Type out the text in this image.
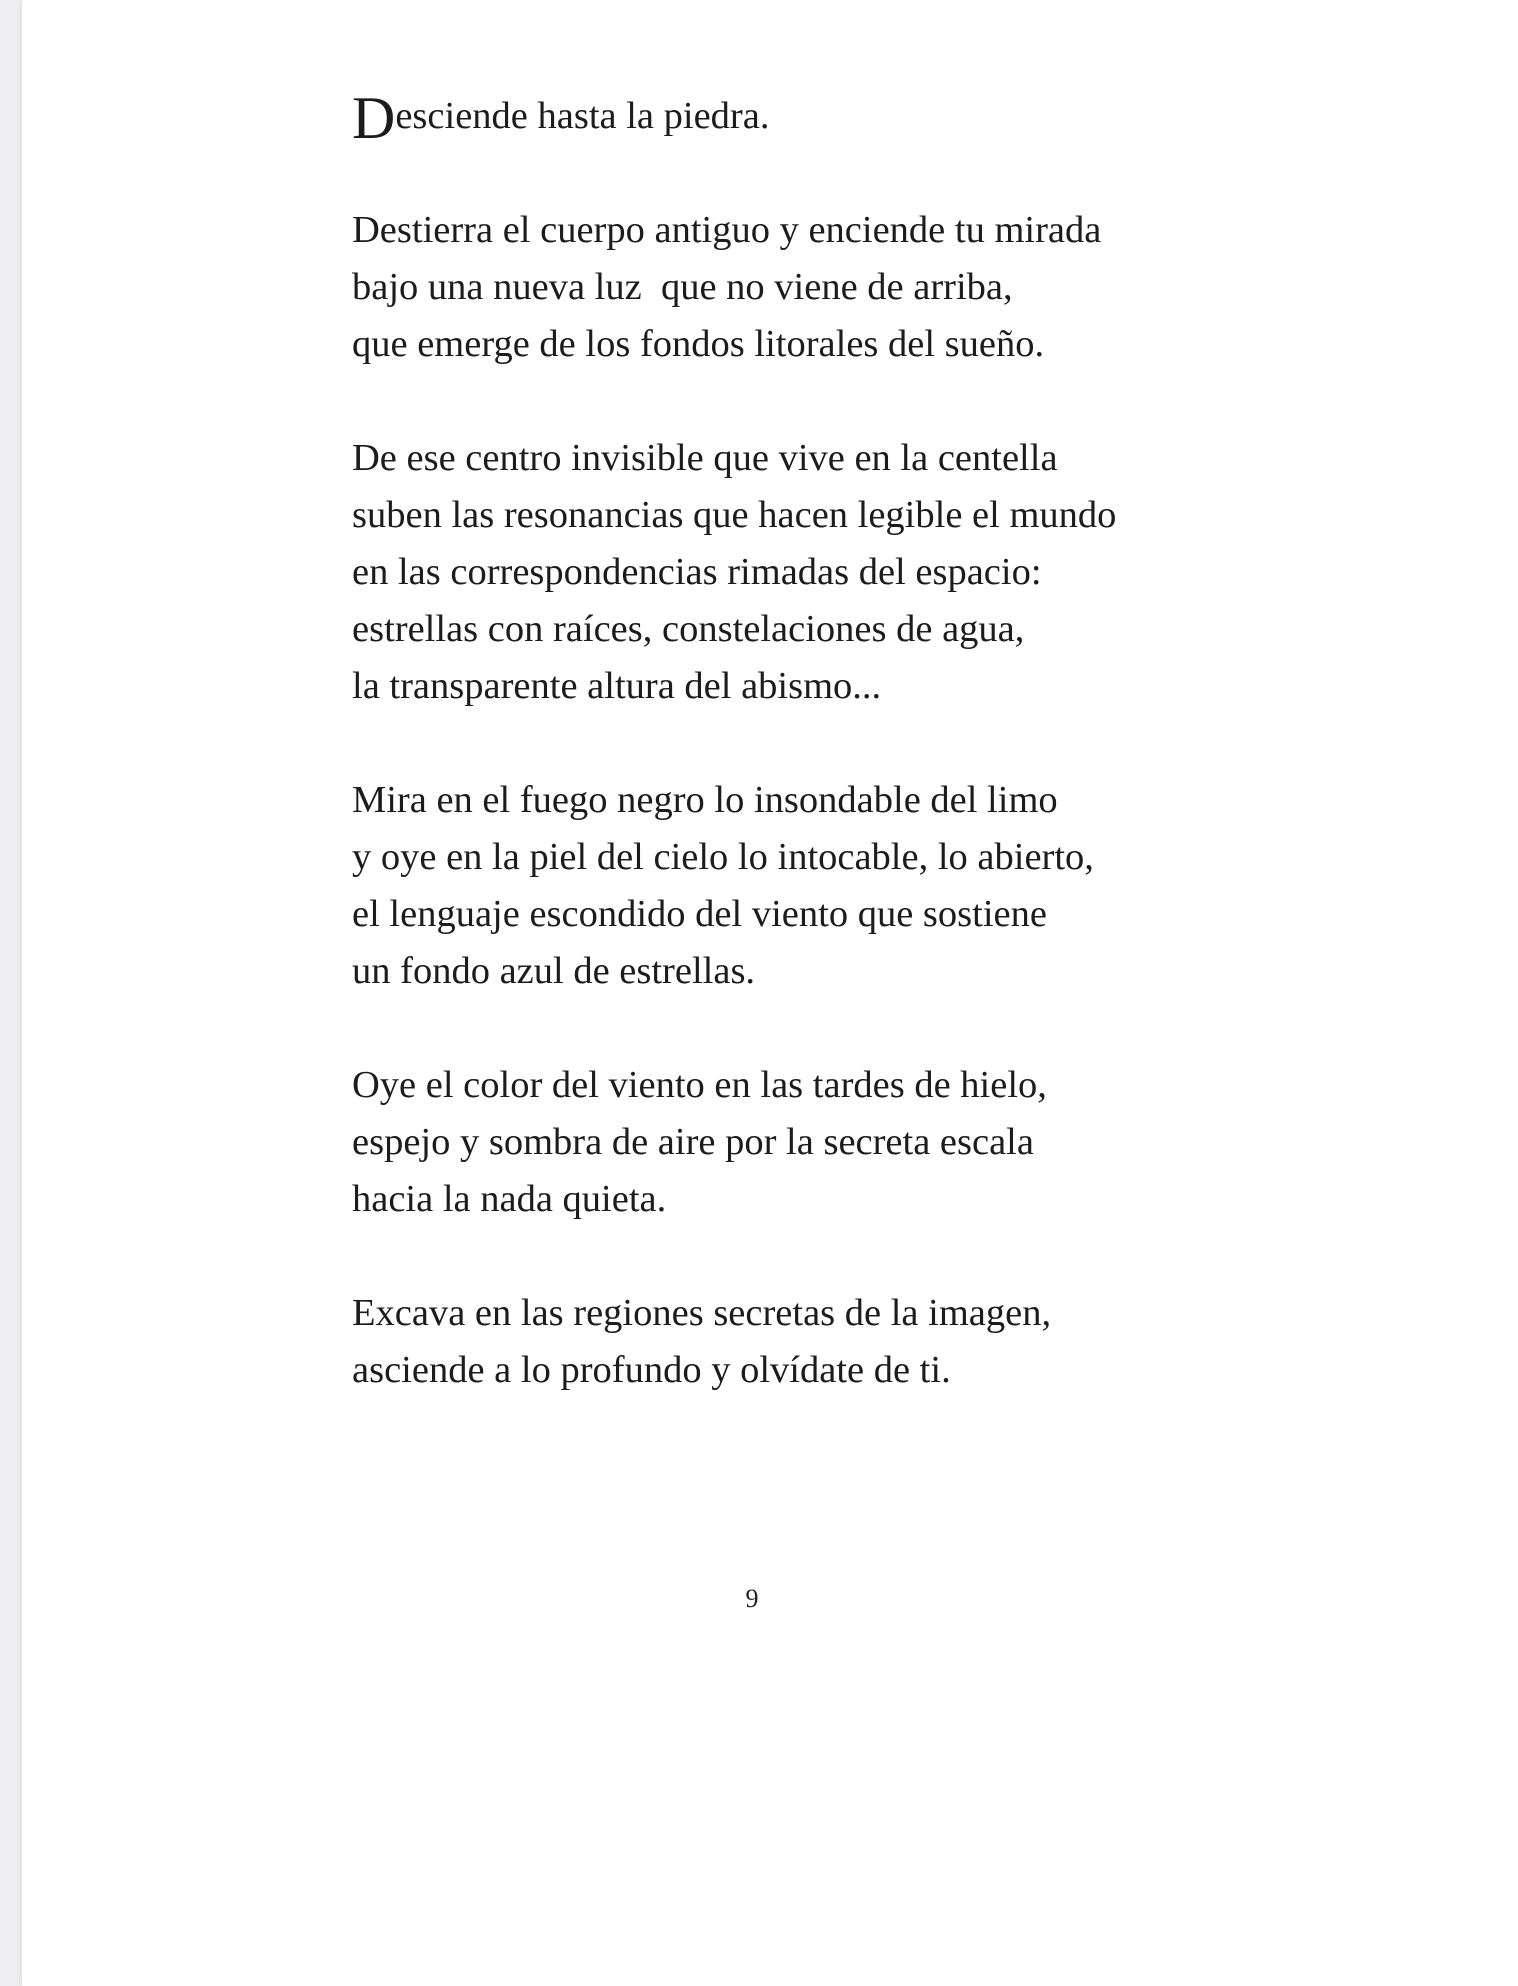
Desciende hasta la piedra.
Destierra el cuerpo antiguo y enciende tu mirada
bajo una nueva luz  que no viene de arriba,
que emerge de los fondos litorales del sueño.
De ese centro invisible que vive en la centella
suben las resonancias que hacen legible el mundo
en las correspondencias rimadas del espacio:
estrellas con raíces, constelaciones de agua,
la transparente altura del abismo...
Mira en el fuego negro lo insondable del limo
y oye en la piel del cielo lo intocable, lo abierto,
el lenguaje escondido del viento que sostiene
un fondo azul de estrellas.
Oye el color del viento en las tardes de hielo,
espejo y sombra de aire por la secreta escala
hacia la nada quieta.
Excava en las regiones secretas de la imagen,
asciende a lo profundo y olvídate de ti.
9
